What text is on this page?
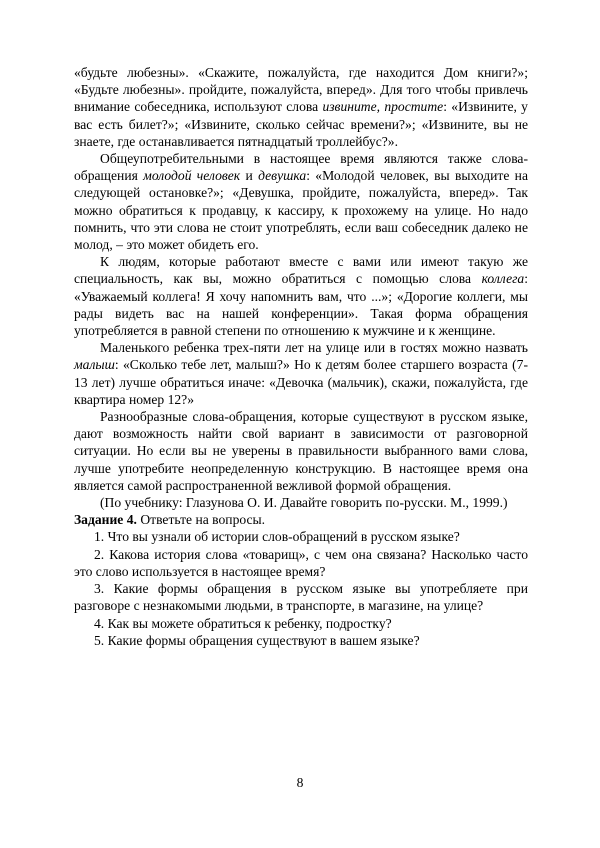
«будьте любезны». «Скажите, пожалуйста, где находится Дом книги?»; «Будьте любезны». пройдите, пожалуйста, вперед». Для того чтобы привлечь внимание собеседника, используют слова извините, простите: «Извините, у вас есть билет?»; «Извините, сколько сейчас времени?»; «Извините, вы не знаете, где останавливается пятнадцатый троллейбус?».

Общеупотребительными в настоящее время являются также слова-обращения молодой человек и девушка: «Молодой человек, вы выходите на следующей остановке?»; «Девушка, пройдите, пожалуйста, вперед». Так можно обратиться к продавцу, к кассиру, к прохожему на улице. Но надо помнить, что эти слова не стоит употреблять, если ваш собеседник далеко не молод, – это может обидеть его.

К людям, которые работают вместе с вами или имеют такую же специальность, как вы, можно обратиться с помощью слова коллега: «Уважаемый коллега! Я хочу напомнить вам, что ...»; «Дорогие коллеги, мы рады видеть вас на нашей конференции». Такая форма обращения употребляется в равной степени по отношению к мужчине и к женщине.

Маленького ребенка трех-пяти лет на улице или в гостях можно назвать малыш: «Сколько тебе лет, малыш?» Но к детям более старшего возраста (7-13 лет) лучше обратиться иначе: «Девочка (мальчик), скажи, пожалуйста, где квартира номер 12?»

Разнообразные слова-обращения, которые существуют в русском языке, дают возможность найти свой вариант в зависимости от разговорной ситуации. Но если вы не уверены в правильности выбранного вами слова, лучше употребите неопределенную конструкцию. В настоящее время она является самой распространенной вежливой формой обращения.

(По учебнику: Глазунова О. И. Давайте говорить по-русски. М., 1999.)

Задание 4. Ответьте на вопросы.

1. Что вы узнали об истории слов-обращений в русском языке?
2. Какова история слова «товарищ», с чем она связана? Насколько часто это слово используется в настоящее время?
3. Какие формы обращения в русском языке вы употребляете при разговоре с незнакомыми людьми, в транспорте, в магазине, на улице?
4. Как вы можете обратиться к ребенку, подростку?
5. Какие формы обращения существуют в вашем языке?
8
